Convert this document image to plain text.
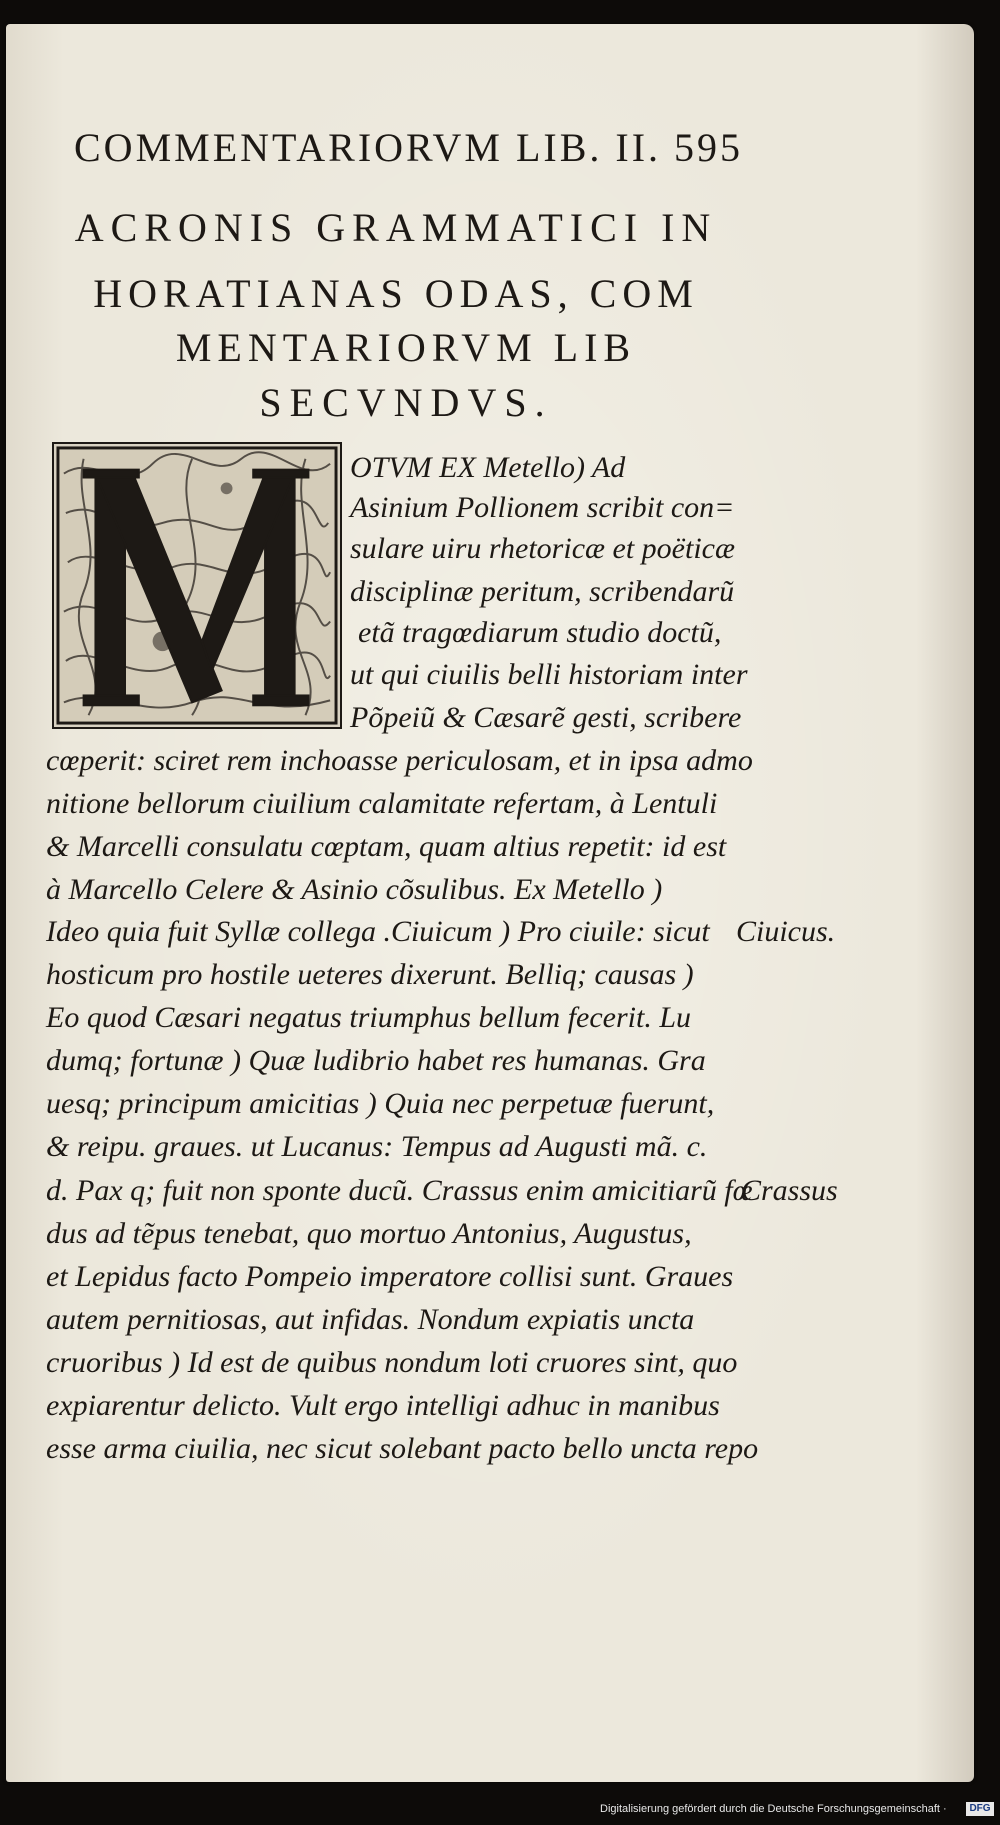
COMMENTARIORVM LIB. II. 595
ACRONIS GRAMMATICI IN
HORATIANAS ODAS, COM
MENTARIORVM LIB
SECVNDVS.
OTVM EX Metello) Ad
Asinium Pollionem scribit con=
sulare uiru rhetoricæ et poëticæ
disciplinæ peritum, scribendarũ
etã tragœdiarum studio doctũ,
ut qui ciuilis belli historiam inter
Põpeiũ & Cæsarẽ gesti, scribere
cœperit: sciret rem inchoasse periculosam, et in ipsa admo
nitione bellorum ciuilium calamitate refertam, à Lentuli
& Marcelli consulatu cœptam, quam altius repetit: id est
à Marcello Celere & Asinio cõsulibus. Ex Metello )
Ideo quia fuit Syllæ collega .Ciuicum ) Pro ciuile: sicut
hosticum pro hostile ueteres dixerunt. Belliq; causas )
Eo quod Cæsari negatus triumphus bellum fecerit. Lu
dumq; fortunæ ) Quæ ludibrio habet res humanas. Gra
uesq; principum amicitias ) Quia nec perpetuæ fuerunt,
& reipu. graues. ut Lucanus: Tempus ad Augusti mã. c.
d. Pax q; fuit non sponte ducũ. Crassus enim amicitiarũ fœ
dus ad tẽpus tenebat, quo mortuo Antonius, Augustus,
et Lepidus facto Pompeio imperatore collisi sunt. Graues
autem pernitiosas, aut infidas. Nondum expiatis uncta
cruoribus ) Id est de quibus nondum loti cruores sint, quo
expiarentur delicto. Vult ergo intelligi adhuc in manibus
esse arma ciuilia, nec sicut solebant pacto bello uncta repo
Ciuicus.
Crassus
Digitalisierung gefördert durch die Deutsche Forschungsgemeinschaft ·	DFG
